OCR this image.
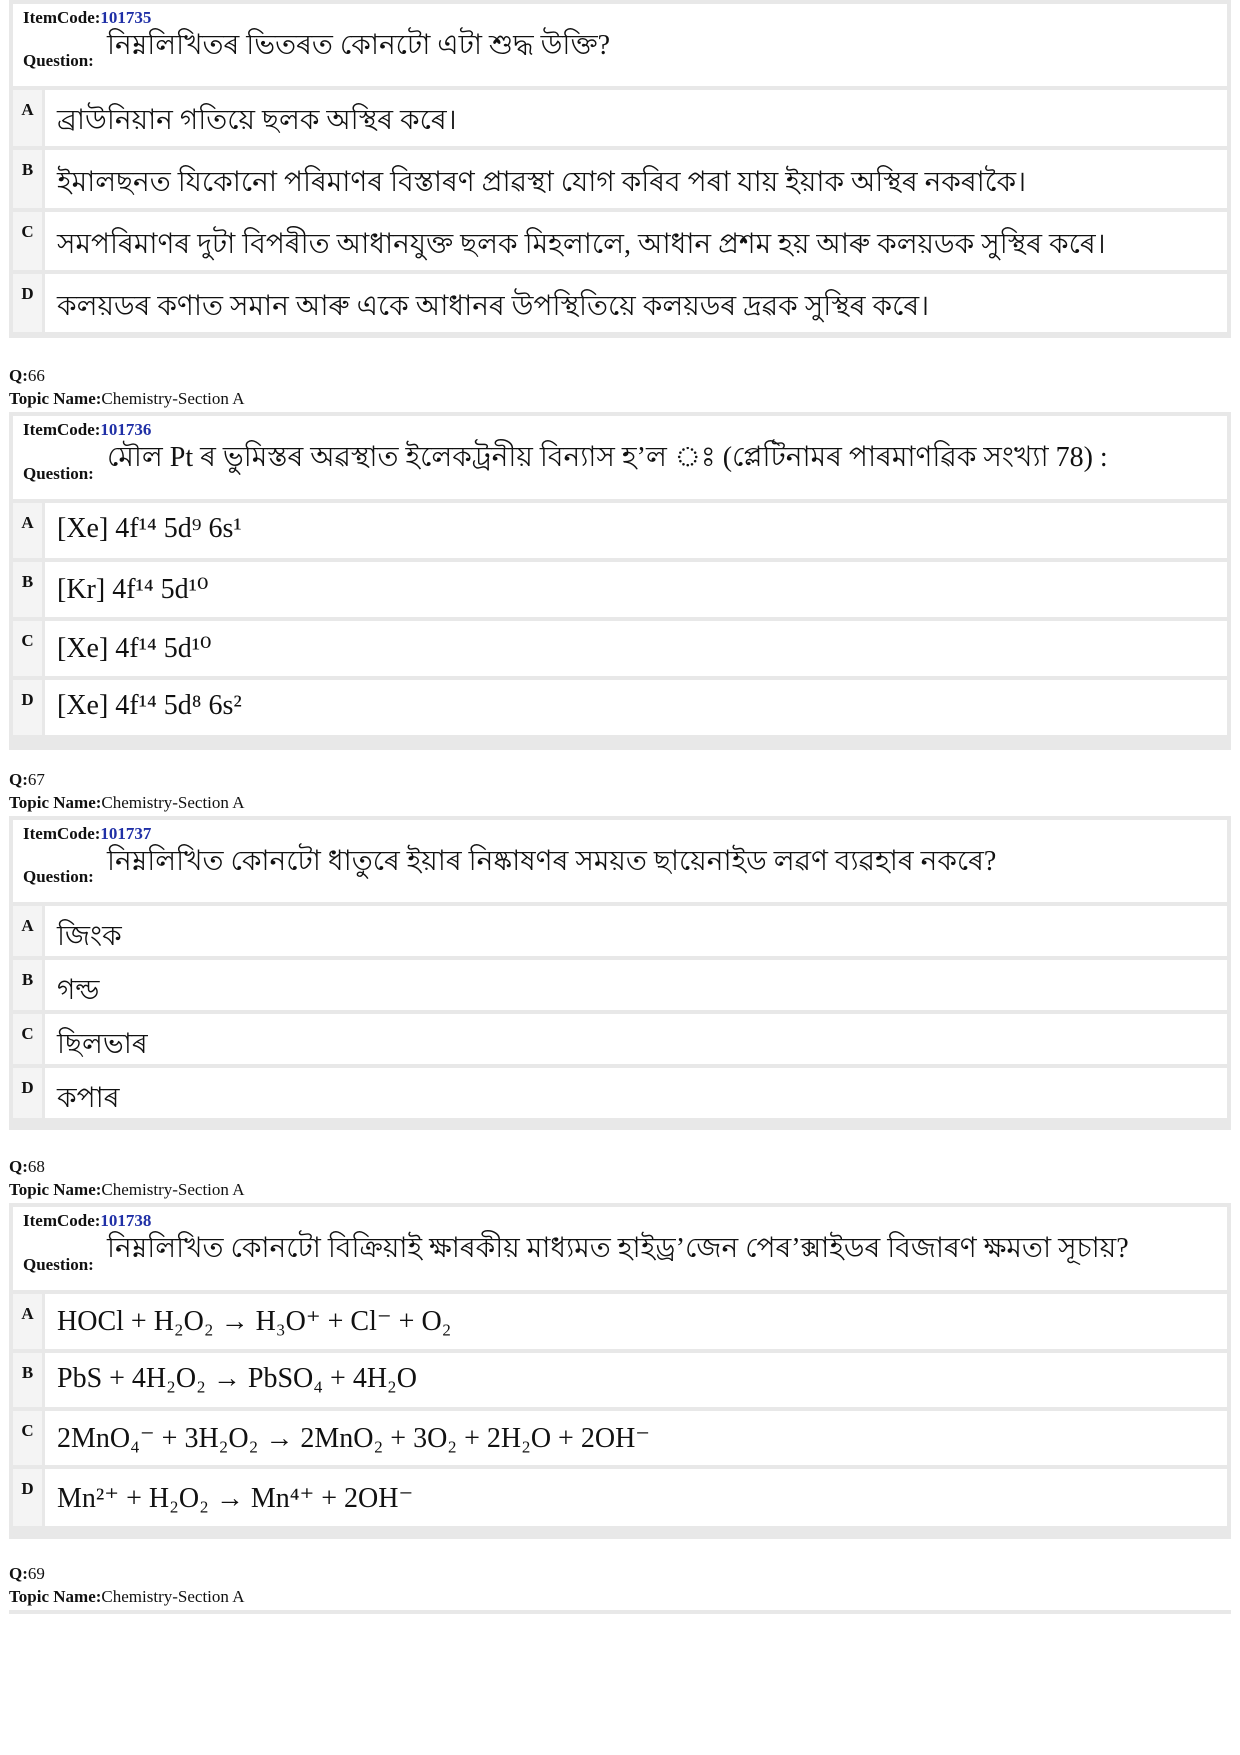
ItemCode:101735
Question: নিম্নলিখিতৰ ভিতৰত কোনটো এটা শুদ্ধ উক্তি?
A ব্ৰাউনিয়ান গতিয়ে ছলক অস্থিৰ কৰে।
B ইমালছনত যিকোনো পৰিমাণৰ বিস্তাৰণ প্ৰাৱস্থা যোগ কৰিব পৰা যায় ইয়াক অস্থিৰ নকৰাকৈ।
C সমপৰিমাণৰ দুটা বিপৰীত আধানযুক্ত ছলক মিহলালে, আধান প্ৰশম হয় আৰু কলয়ডক সুস্থিৰ কৰে।
D কলয়ডৰ কণাত সমান আৰু একে আধানৰ উপস্থিতিয়ে কলয়ডৰ দ্ৰৱক সুস্থিৰ কৰে।
Q:66
Topic Name:Chemistry-Section A
ItemCode:101736
Question:
মৌল Pt ৰ ভুমিস্তৰ অৱস্থাত ইলেকট্ৰনীয় বিন্যাস হ’ল ঃ (প্লেটিনামৰ পাৰমাণৱিক সংখ্যা 78) :
A [Xe] 4f¹⁴ 5d⁹ 6s¹
B [Kr] 4f¹⁴ 5d¹⁰
C [Xe] 4f¹⁴ 5d¹⁰
D [Xe] 4f¹⁴ 5d⁸ 6s²
Q:67
Topic Name:Chemistry-Section A
ItemCode:101737
Question: নিম্নলিখিত কোনটো ধাতুৰে ইয়াৰ নিষ্কাষণৰ সময়ত ছায়েনাইড লৱণ ব্যৱহাৰ নকৰে?
A জিংক
B গল্ড
C ছিলভাৰ
D কপাৰ
Q:68
Topic Name:Chemistry-Section A
ItemCode:101738
Question:
নিম্নলিখিত কোনটো বিক্ৰিয়াই ক্ষাৰকীয় মাধ্যমত হাইড্ৰ’জেন পেৰ’ক্সাইডৰ বিজাৰণ ক্ষমতা সূচায়?
A HOCl + H₂O₂ → H₃O⁺ + Cl⁻ + O₂
B PbS + 4H₂O₂ → PbSO₄ + 4H₂O
C 2MnO₄⁻ + 3H₂O₂ → 2MnO₂ + 3O₂ + 2H₂O + 2OH⁻
D Mn²⁺ + H₂O₂ → Mn⁴⁺ + 2OH⁻
Q:69
Topic Name:Chemistry-Section A
